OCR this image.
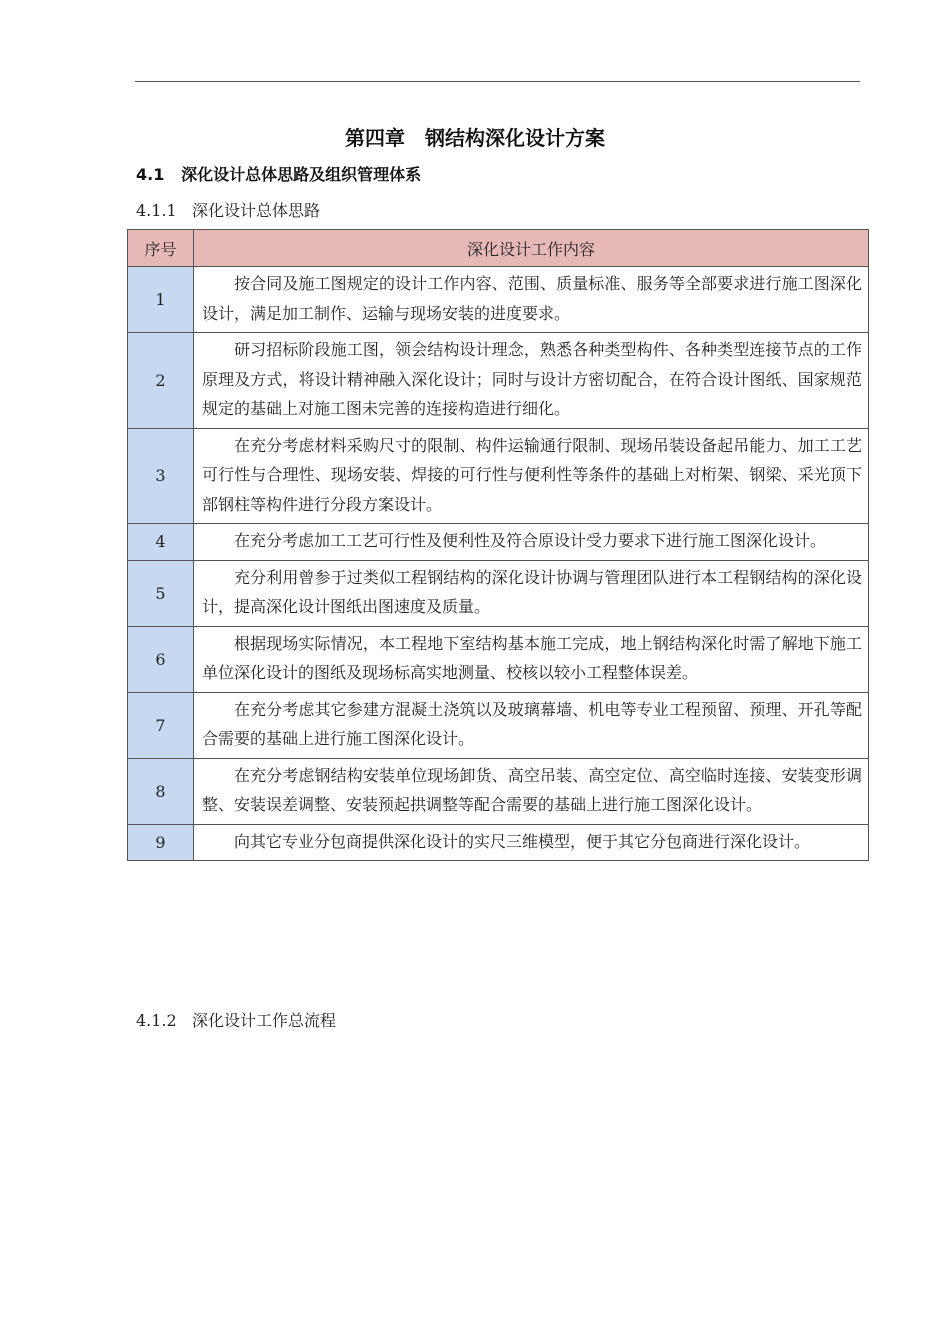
第四章　钢结构深化设计方案
4.1 深化设计总体思路及组织管理体系
4.1.1 深化设计总体思路
序号	深化设计工作内容
1	按合同及施工图规定的设计工作内容、范围、质量标准、服务等全部要求进行施工图深化设计，满足加工制作、运输与现场安装的进度要求。
2	研习招标阶段施工图，领会结构设计理念，熟悉各种类型构件、各种类型连接节点的工作原理及方式，将设计精神融入深化设计；同时与设计方密切配合，在符合设计图纸、国家规范规定的基础上对施工图未完善的连接构造进行细化。
3	在充分考虑材料采购尺寸的限制、构件运输通行限制、现场吊装设备起吊能力、加工工艺可行性与合理性、现场安装、焊接的可行性与便利性等条件的基础上对桁架、钢梁、采光顶下部钢柱等构件进行分段方案设计。
4	在充分考虑加工工艺可行性及便利性及符合原设计受力要求下进行施工图深化设计。
5	充分利用曾参于过类似工程钢结构的深化设计协调与管理团队进行本工程钢结构的深化设计，提高深化设计图纸出图速度及质量。
6	根据现场实际情况，本工程地下室结构基本施工完成，地上钢结构深化时需了解地下施工单位深化设计的图纸及现场标高实地测量、校核以较小工程整体误差。
7	在充分考虑其它参建方混凝土浇筑以及玻璃幕墙、机电等专业工程预留、预理、开孔等配合需要的基础上进行施工图深化设计。
8	在充分考虑钢结构安装单位现场卸货、高空吊装、高空定位、高空临时连接、安装变形调整、安装误差调整、安装预起拱调整等配合需要的基础上进行施工图深化设计。
9	向其它专业分包商提供深化设计的实尺三维模型，便于其它分包商进行深化设计。
4.1.2 深化设计工作总流程
